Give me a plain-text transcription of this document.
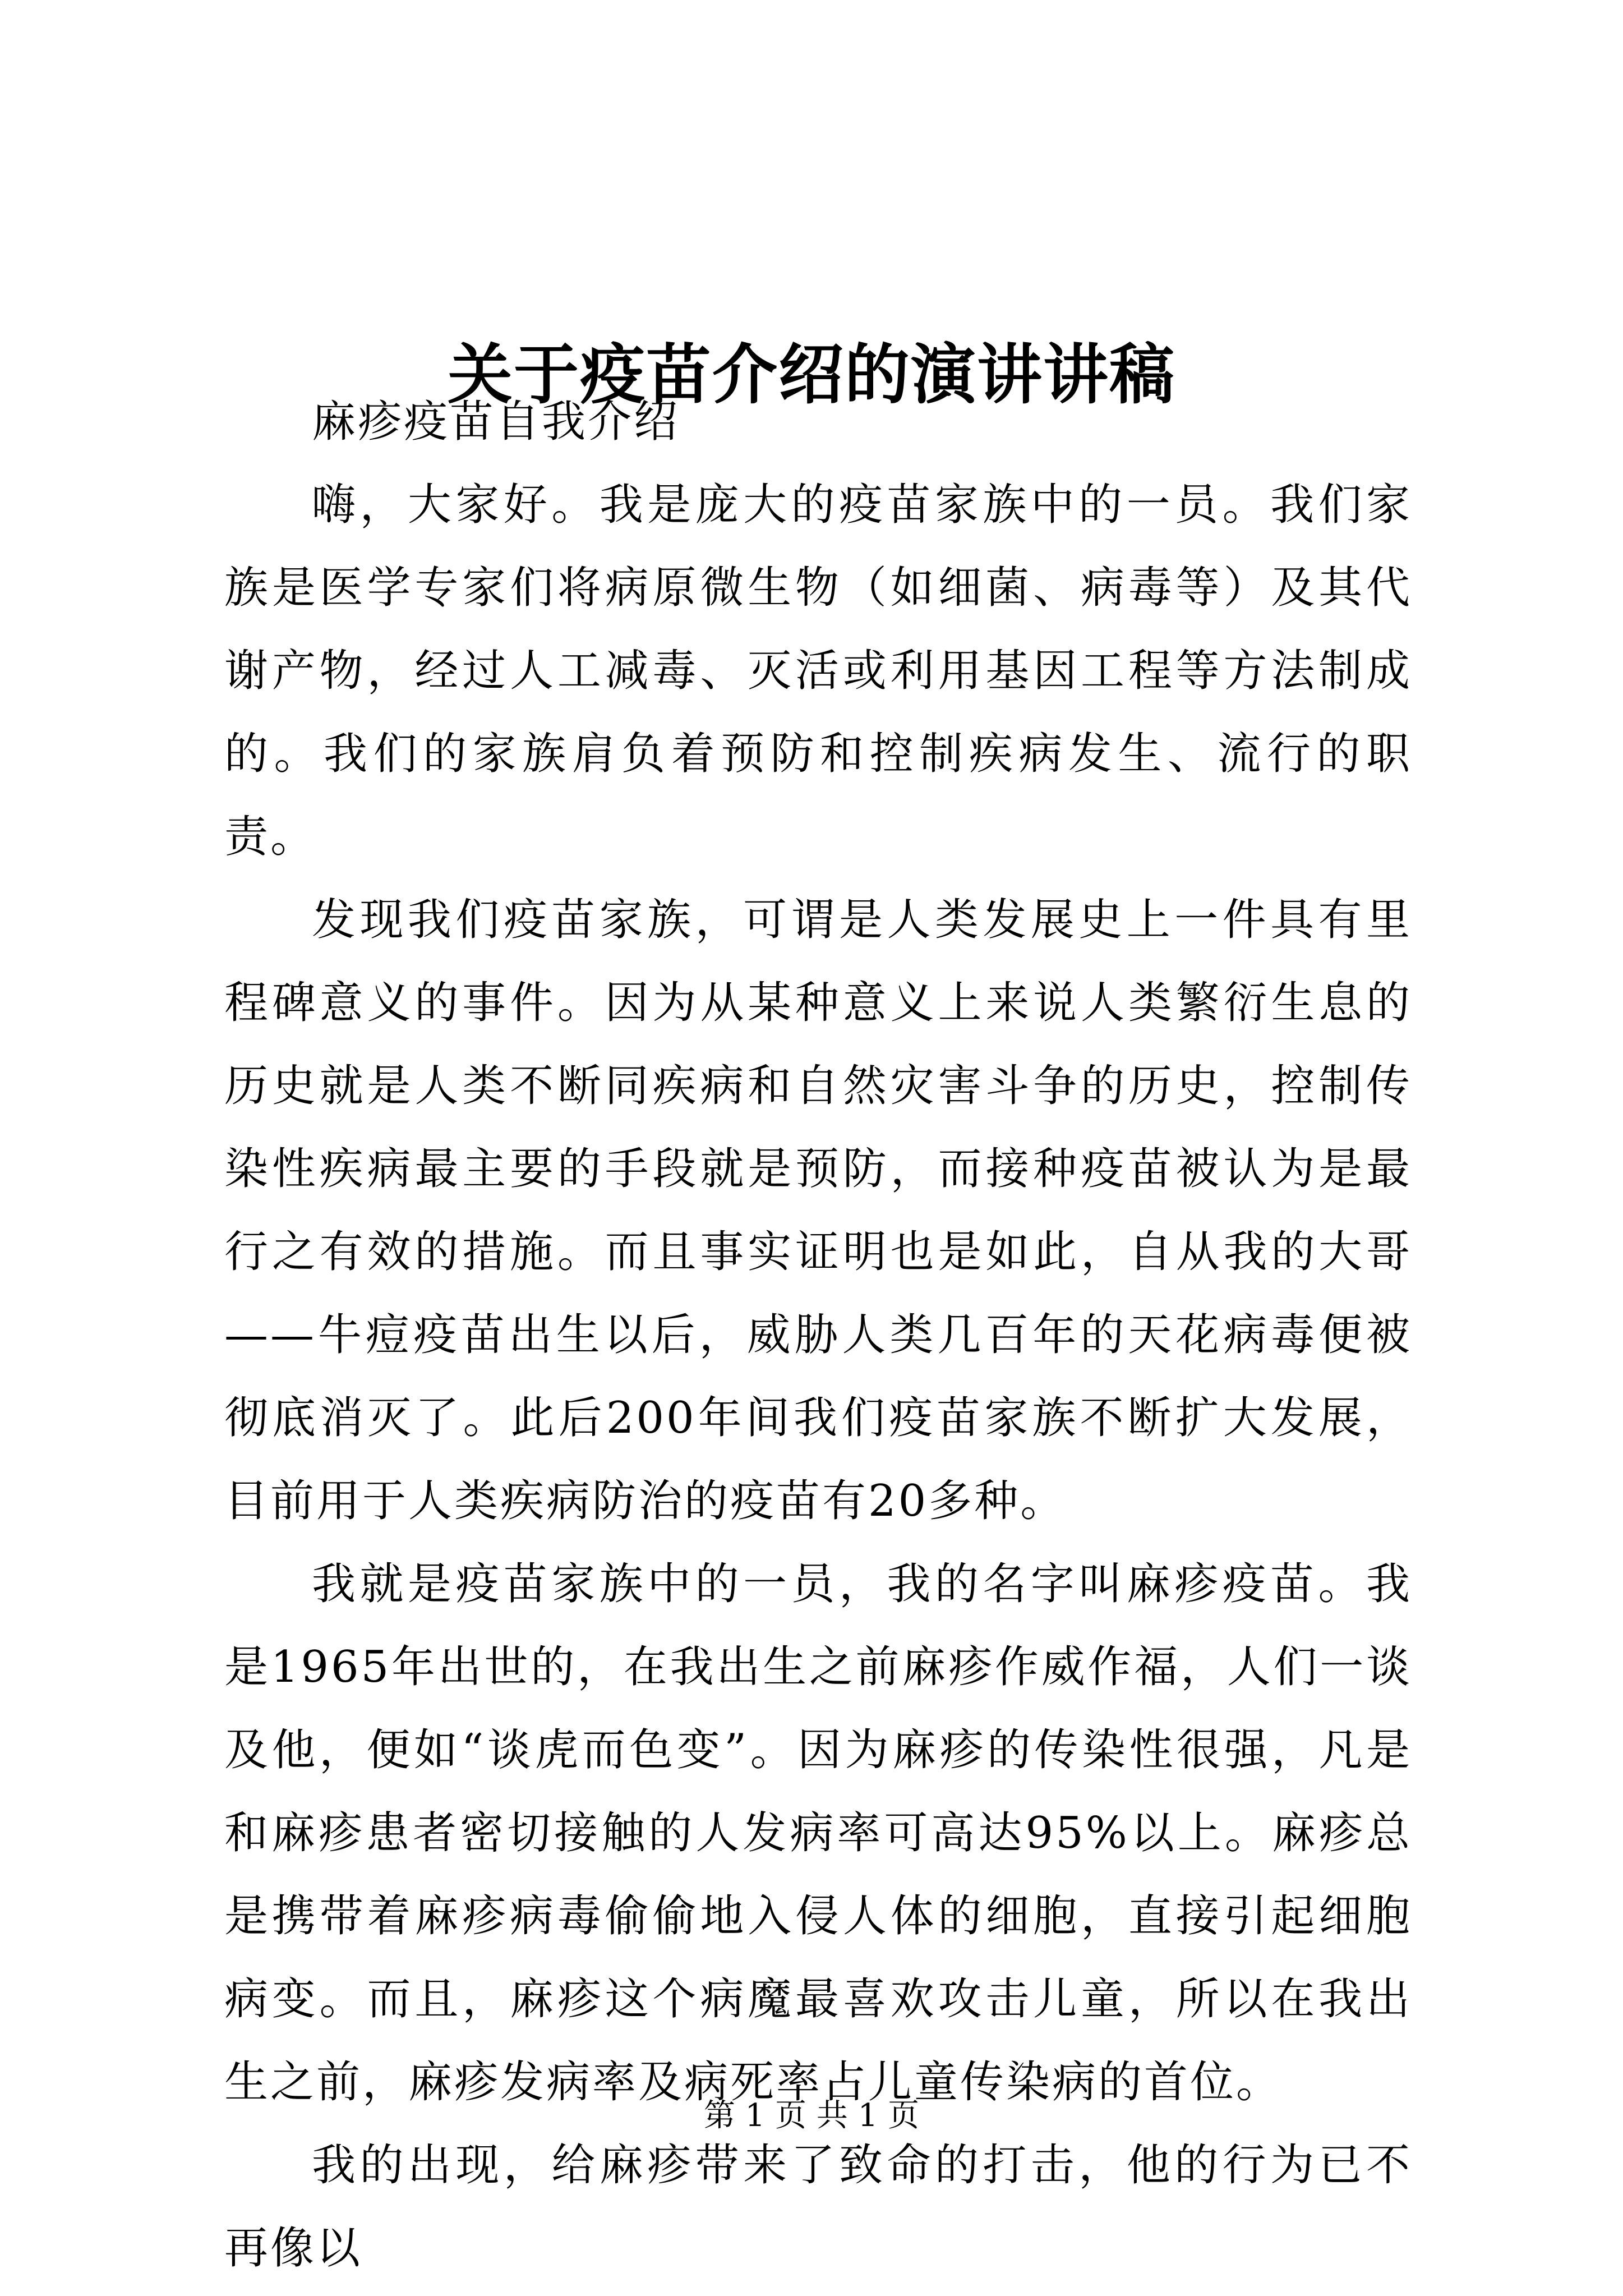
关于疫苗介绍的演讲讲稿

麻疹疫苗自我介绍

嗨，大家好。我是庞大的疫苗家族中的一员。我们家族是医学专家们将病原微生物（如细菌、病毒等）及其代谢产物，经过人工减毒、灭活或利用基因工程等方法制成的。我们的家族肩负着预防和控制疾病发生、流行的职责。

发现我们疫苗家族，可谓是人类发展史上一件具有里程碑意义的事件。因为从某种意义上来说人类繁衍生息的历史就是人类不断同疾病和自然灾害斗争的历史，控制传染性疾病最主要的手段就是预防，而接种疫苗被认为是最行之有效的措施。而且事实证明也是如此，自从我的大哥——牛痘疫苗出生以后，威胁人类几百年的天花病毒便被彻底消灭了。此后200年间我们疫苗家族不断扩大发展，目前用于人类疾病防治的疫苗有20多种。

我就是疫苗家族中的一员，我的名字叫麻疹疫苗。我是1965年出世的，在我出生之前麻疹作威作福，人们一谈及他，便如“谈虎而色变”。因为麻疹的传染性很强，凡是和麻疹患者密切接触的人发病率可高达95%以上。麻疹总是携带着麻疹病毒偷偷地入侵人体的细胞，直接引起细胞病变。而且，麻疹这个病魔最喜欢攻击儿童，所以在我出生之前，麻疹发病率及病死率占儿童传染病的首位。

我的出现，给麻疹带来了致命的打击，他的行为已不再像以

第 1 页 共 1 页
